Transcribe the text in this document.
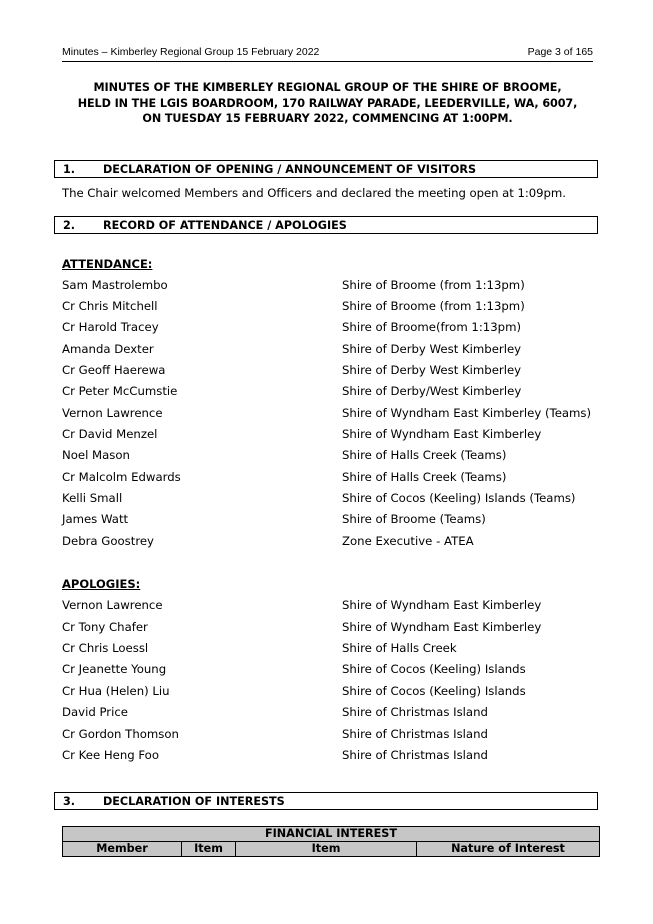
Minutes – Kimberley Regional Group 15 February 2022	Page 3 of 165
MINUTES OF THE KIMBERLEY REGIONAL GROUP OF THE SHIRE OF BROOME,
HELD IN THE LGIS BOARDROOM, 170 RAILWAY PARADE, LEEDERVILLE, WA, 6007,
ON TUESDAY 15 FEBRUARY 2022, COMMENCING AT 1:00PM.
1. DECLARATION OF OPENING / ANNOUNCEMENT OF VISITORS
The Chair welcomed Members and Officers and declared the meeting open at 1:09pm.
2. RECORD OF ATTENDANCE / APOLOGIES
ATTENDANCE:
Sam Mastrolembo	Shire of Broome (from 1:13pm)
Cr Chris Mitchell	Shire of Broome (from 1:13pm)
Cr Harold Tracey	Shire of Broome(from 1:13pm)
Amanda Dexter	Shire of Derby West Kimberley
Cr Geoff Haerewa	Shire of Derby West Kimberley
Cr Peter McCumstie	Shire of Derby/West Kimberley
Vernon Lawrence	Shire of Wyndham East Kimberley (Teams)
Cr David Menzel	Shire of Wyndham East Kimberley
Noel Mason	Shire of Halls Creek (Teams)
Cr Malcolm Edwards	Shire of Halls Creek (Teams)
Kelli Small	Shire of Cocos (Keeling) Islands (Teams)
James Watt	Shire of Broome (Teams)
Debra Goostrey	Zone Executive - ATEA
APOLOGIES:
Vernon Lawrence	Shire of Wyndham East Kimberley
Cr Tony Chafer	Shire of Wyndham East Kimberley
Cr Chris Loessl	Shire of Halls Creek
Cr Jeanette Young	Shire of Cocos (Keeling) Islands
Cr Hua (Helen) Liu	Shire of Cocos (Keeling) Islands
David Price	Shire of Christmas Island
Cr Gordon Thomson	Shire of Christmas Island
Cr Kee Heng Foo	Shire of Christmas Island
3. DECLARATION OF INTERESTS
FINANCIAL INTEREST
Member	Item	Item	Nature of Interest
